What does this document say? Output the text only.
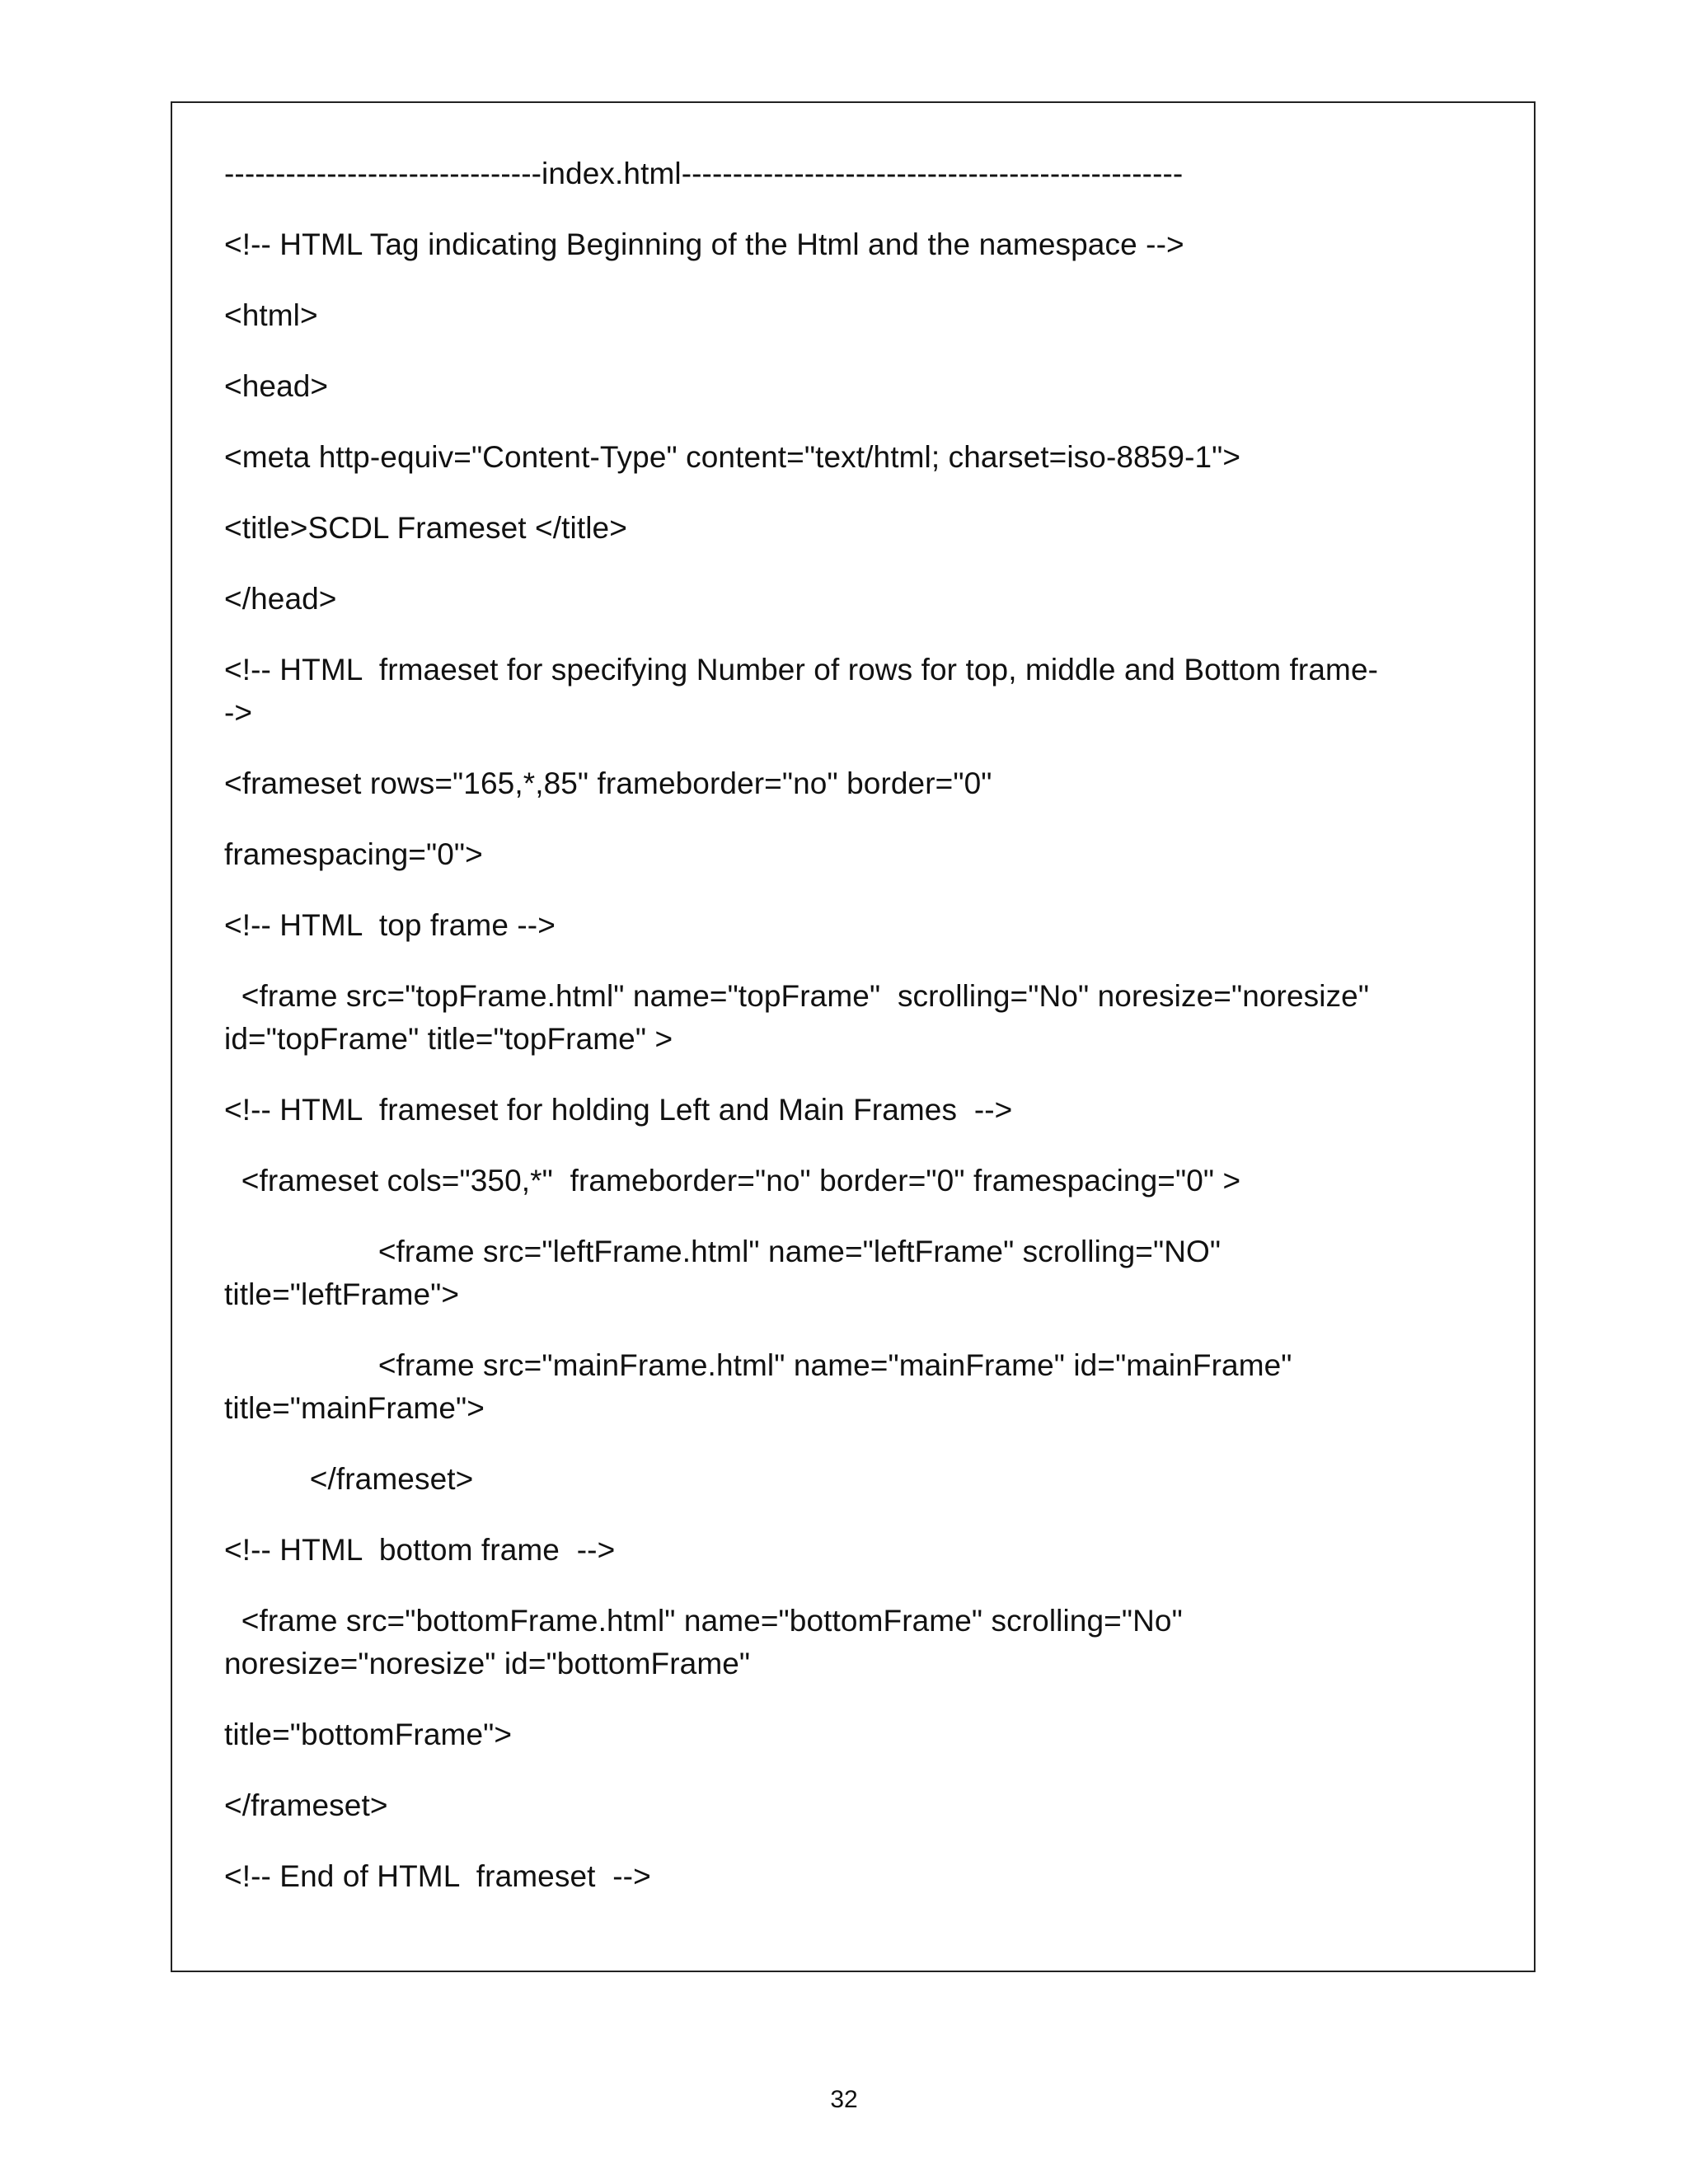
-------------------------------index.html-------------------------------------------------
<!-- HTML Tag indicating Beginning of the Html and the namespace -->
<html>
<head>
<meta http-equiv="Content-Type" content="text/html; charset=iso-8859-1">
<title>SCDL Frameset </title>
</head>
<!-- HTML  frmaeset for specifying Number of rows for top, middle and Bottom frame-
->
<frameset rows="165,*,85" frameborder="no" border="0"
framespacing="0">
<!-- HTML  top frame -->
<frame src="topFrame.html" name="topFrame"  scrolling="No" noresize="noresize"
id="topFrame" title="topFrame" >
<!-- HTML  frameset for holding Left and Main Frames  -->
<frameset cols="350,*"  frameborder="no" border="0" framespacing="0" >
<frame src="leftFrame.html" name="leftFrame" scrolling="NO"
title="leftFrame">
<frame src="mainFrame.html" name="mainFrame" id="mainFrame"
title="mainFrame">
</frameset>
<!-- HTML  bottom frame  -->
<frame src="bottomFrame.html" name="bottomFrame" scrolling="No"
noresize="noresize" id="bottomFrame"
title="bottomFrame">
</frameset>
<!-- End of HTML  frameset  -->
32
